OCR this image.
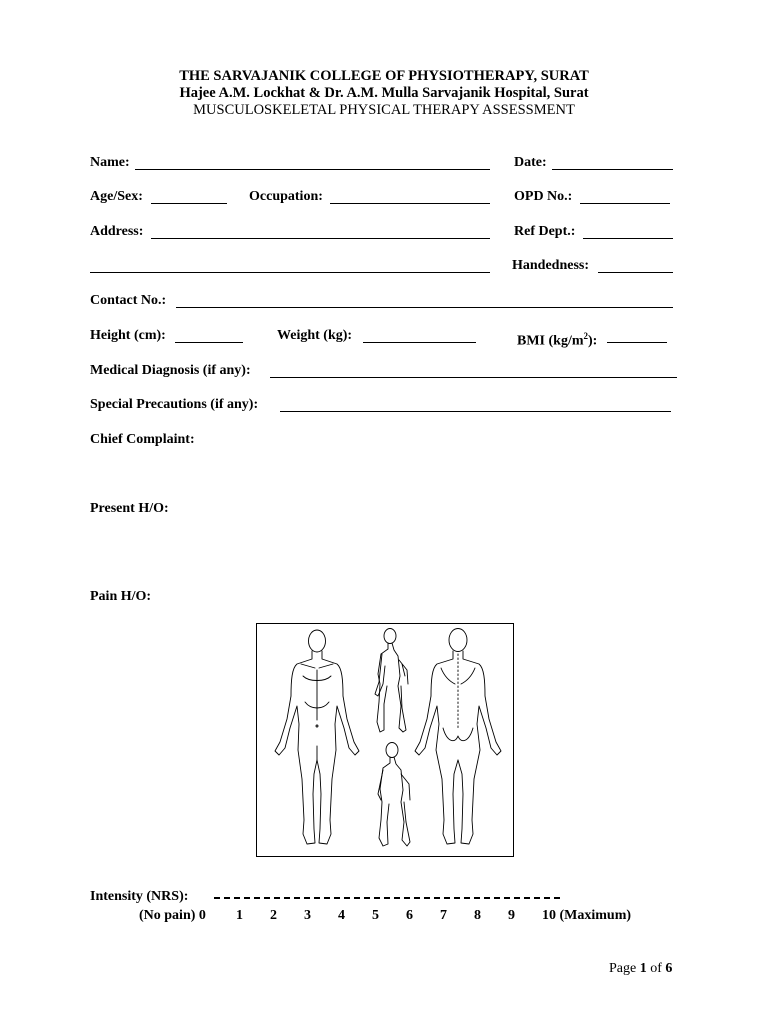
THE SARVAJANIK COLLEGE OF PHYSIOTHERAPY, SURAT
Hajee A.M. Lockhat & Dr. A.M. Mulla Sarvajanik Hospital, Surat
MUSCULOSKELETAL PHYSICAL THERAPY ASSESSMENT
Name:	Date:
Age/Sex:	Occupation:	OPD No.:
Address:	Ref Dept.:
Handedness:
Contact No.:
Height (cm):	Weight (kg):	BMI $(kg/m^2)$:
Medical Diagnosis (if any):
Special Precautions (if any):
Chief Complaint:
Present H/O:
Pain H/O:
Intensity (NRS):
(No pain) 0 1 2 3 4 5 6 7 8 9 10 (Maximum)
Page 1 of 6
